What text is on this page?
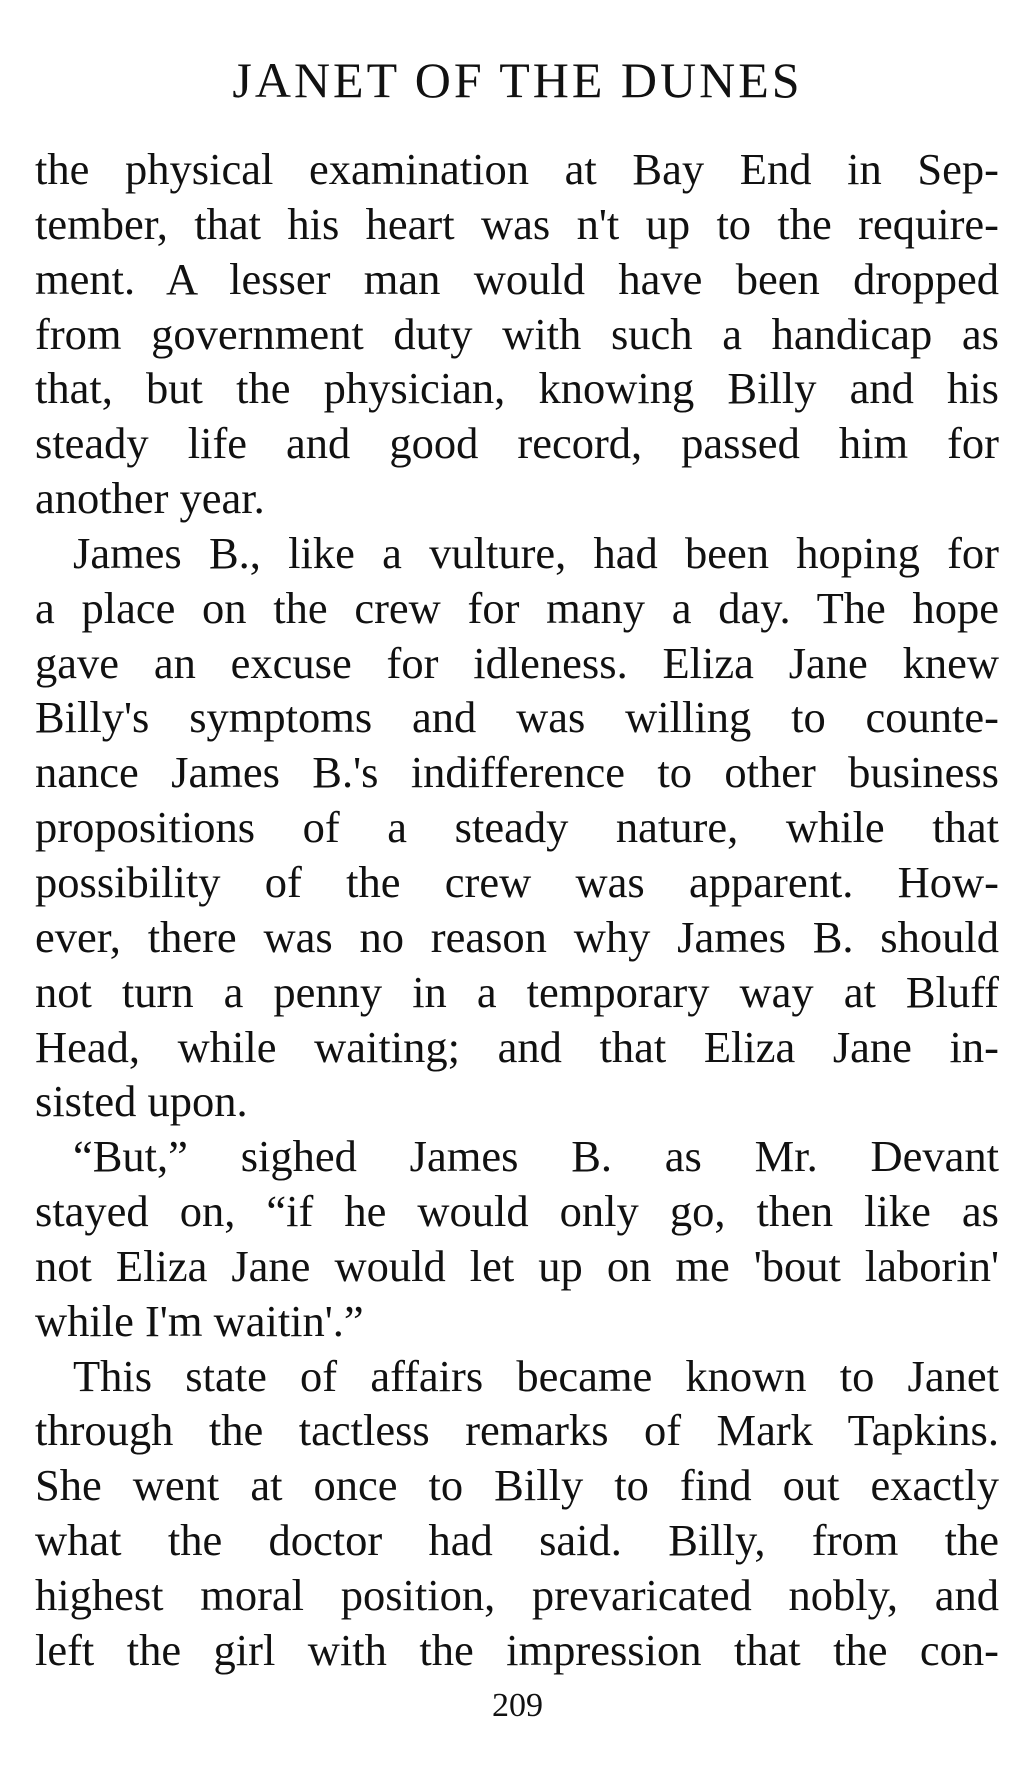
JANET OF THE DUNES
the physical examination at Bay End in Sep-
tember, that his heart was n't up to the require-
ment. A lesser man would have been dropped
from government duty with such a handicap as
that, but the physician, knowing Billy and his
steady life and good record, passed him for
another year.
James B., like a vulture, had been hoping for
a place on the crew for many a day. The hope
gave an excuse for idleness. Eliza Jane knew
Billy's symptoms and was willing to counte-
nance James B.'s indifference to other business
propositions of a steady nature, while that
possibility of the crew was apparent. How-
ever, there was no reason why James B. should
not turn a penny in a temporary way at Bluff
Head, while waiting; and that Eliza Jane in-
sisted upon.
“But,” sighed James B. as Mr. Devant
stayed on, “if he would only go, then like as
not Eliza Jane would let up on me 'bout laborin'
while I'm waitin'.”
This state of affairs became known to Janet
through the tactless remarks of Mark Tapkins.
She went at once to Billy to find out exactly
what the doctor had said. Billy, from the
highest moral position, prevaricated nobly, and
left the girl with the impression that the con-
209
